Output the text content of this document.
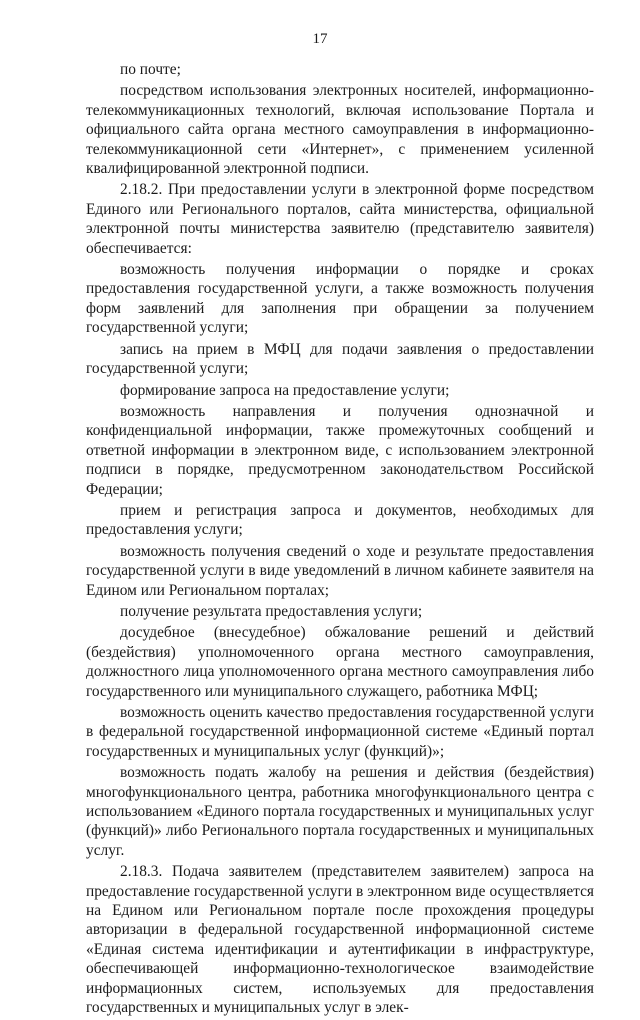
17

по почте;

посредством использования электронных носителей, информационно-телекоммуникационных технологий, включая использование Портала и официального сайта органа местного самоуправления в информационно-телекоммуникационной сети «Интернет», с применением усиленной квалифицированной электронной подписи.

2.18.2. При предоставлении услуги в электронной форме посредством Единого или Регионального порталов, сайта министерства, официальной электронной почты министерства заявителю (представителю заявителя) обеспечивается:

возможность получения информации о порядке и сроках предоставления государственной услуги, а также возможность получения форм заявлений для заполнения при обращении за получением государственной услуги;

запись на прием в МФЦ для подачи заявления о предоставлении государственной услуги;

формирование запроса на предоставление услуги;

возможность направления и получения однозначной и конфиденциальной информации, также промежуточных сообщений и ответной информации в электронном виде, с использованием электронной подписи в порядке, предусмотренном законодательством Российской Федерации;

прием и регистрация запроса и документов, необходимых для предоставления услуги;

возможность получения сведений о ходе и результате предоставления государственной услуги в виде уведомлений в личном кабинете заявителя на Едином или Региональном порталах;

получение результата предоставления услуги;

досудебное (внесудебное) обжалование решений и действий (бездействия) уполномоченного органа местного самоуправления, должностного лица уполномоченного органа местного самоуправления либо государственного или муниципального служащего, работника МФЦ;

возможность оценить качество предоставления государственной услуги в федеральной государственной информационной системе «Единый портал государственных и муниципальных услуг (функций)»;

возможность подать жалобу на решения и действия (бездействия) многофункционального центра, работника многофункционального центра с использованием «Единого портала государственных и муниципальных услуг (функций)» либо Регионального портала государственных и муниципальных услуг.

2.18.3. Подача заявителем (представителем заявителем) запроса на предоставление государственной услуги в электронном виде осуществляется на Едином или Региональном портале после прохождения процедуры авторизации в федеральной государственной информационной системе «Единая система идентификации и аутентификации в инфраструктуре, обеспечивающей информационно-технологическое взаимодействие информационных систем, используемых для предоставления государственных и муниципальных услуг в элек-
